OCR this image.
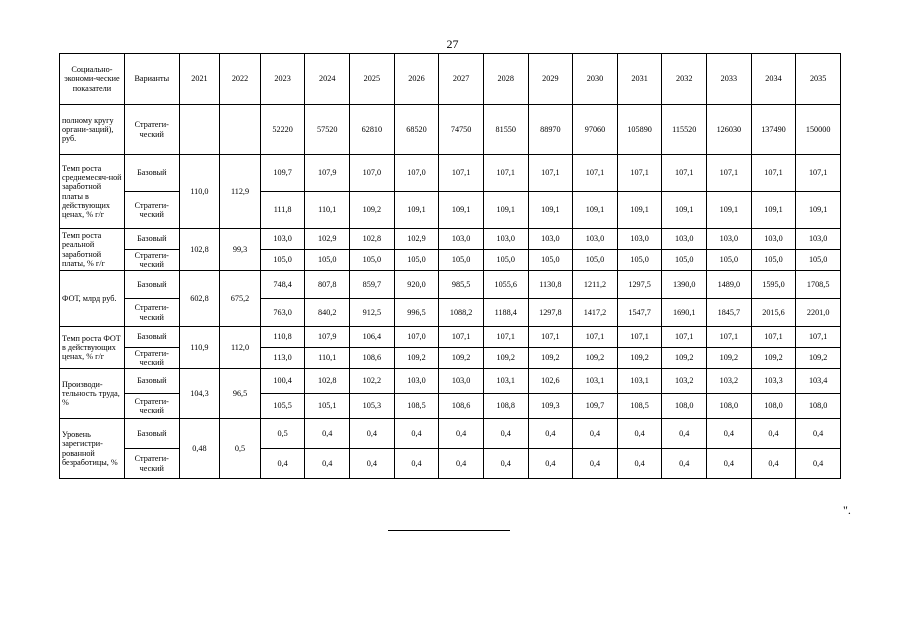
27
Социально-экономи-ческие показатели	Варианты	2021	2022	2023	2024	2025	2026	2027	2028	2029	2030	2031	2032	2033	2034	2035
полному кругу органи-заций), руб.	Стратеги-ческий			52220	57520	62810	68520	74750	81550	88970	97060	105890	115520	126030	137490	150000
Темп роста среднемесяч-ной заработной платы в действующих ценах, % г/г	Базовый	110,0	112,9	109,7	107,9	107,0	107,0	107,1	107,1	107,1	107,1	107,1	107,1	107,1	107,1	107,1
	Стратеги-ческий			111,8	110,1	109,2	109,1	109,1	109,1	109,1	109,1	109,1	109,1	109,1	109,1	109,1
Темп роста реальной заработной платы, % г/г	Базовый	102,8	99,3	103,0	102,9	102,8	102,9	103,0	103,0	103,0	103,0	103,0	103,0	103,0	103,0	103,0
	Стратеги-ческий			105,0	105,0	105,0	105,0	105,0	105,0	105,0	105,0	105,0	105,0	105,0	105,0	105,0
ФОТ, млрд руб.	Базовый	602,8	675,2	748,4	807,8	859,7	920,0	985,5	1055,6	1130,8	1211,2	1297,5	1390,0	1489,0	1595,0	1708,5
	Стратеги-ческий			763,0	840,2	912,5	996,5	1088,2	1188,4	1297,8	1417,2	1547,7	1690,1	1845,7	2015,6	2201,0
Темп роста ФОТ в действующих ценах, % г/г	Базовый	110,9	112,0	110,8	107,9	106,4	107,0	107,1	107,1	107,1	107,1	107,1	107,1	107,1	107,1	107,1
	Стратеги-ческий			113,0	110,1	108,6	109,2	109,2	109,2	109,2	109,2	109,2	109,2	109,2	109,2	109,2
Производи-тельность труда, %	Базовый	104,3	96,5	100,4	102,8	102,2	103,0	103,0	103,1	102,6	103,1	103,1	103,2	103,2	103,3	103,4
	Стратеги-ческий			105,5	105,1	105,3	108,5	108,6	108,8	109,3	109,7	108,5	108,0	108,0	108,0	108,0
Уровень зарегистри-рованной безработицы, %	Базовый	0,48	0,5	0,5	0,4	0,4	0,4	0,4	0,4	0,4	0,4	0,4	0,4	0,4	0,4	0,4
	Стратеги-ческий			0,4	0,4	0,4	0,4	0,4	0,4	0,4	0,4	0,4	0,4	0,4	0,4	0,4
".
